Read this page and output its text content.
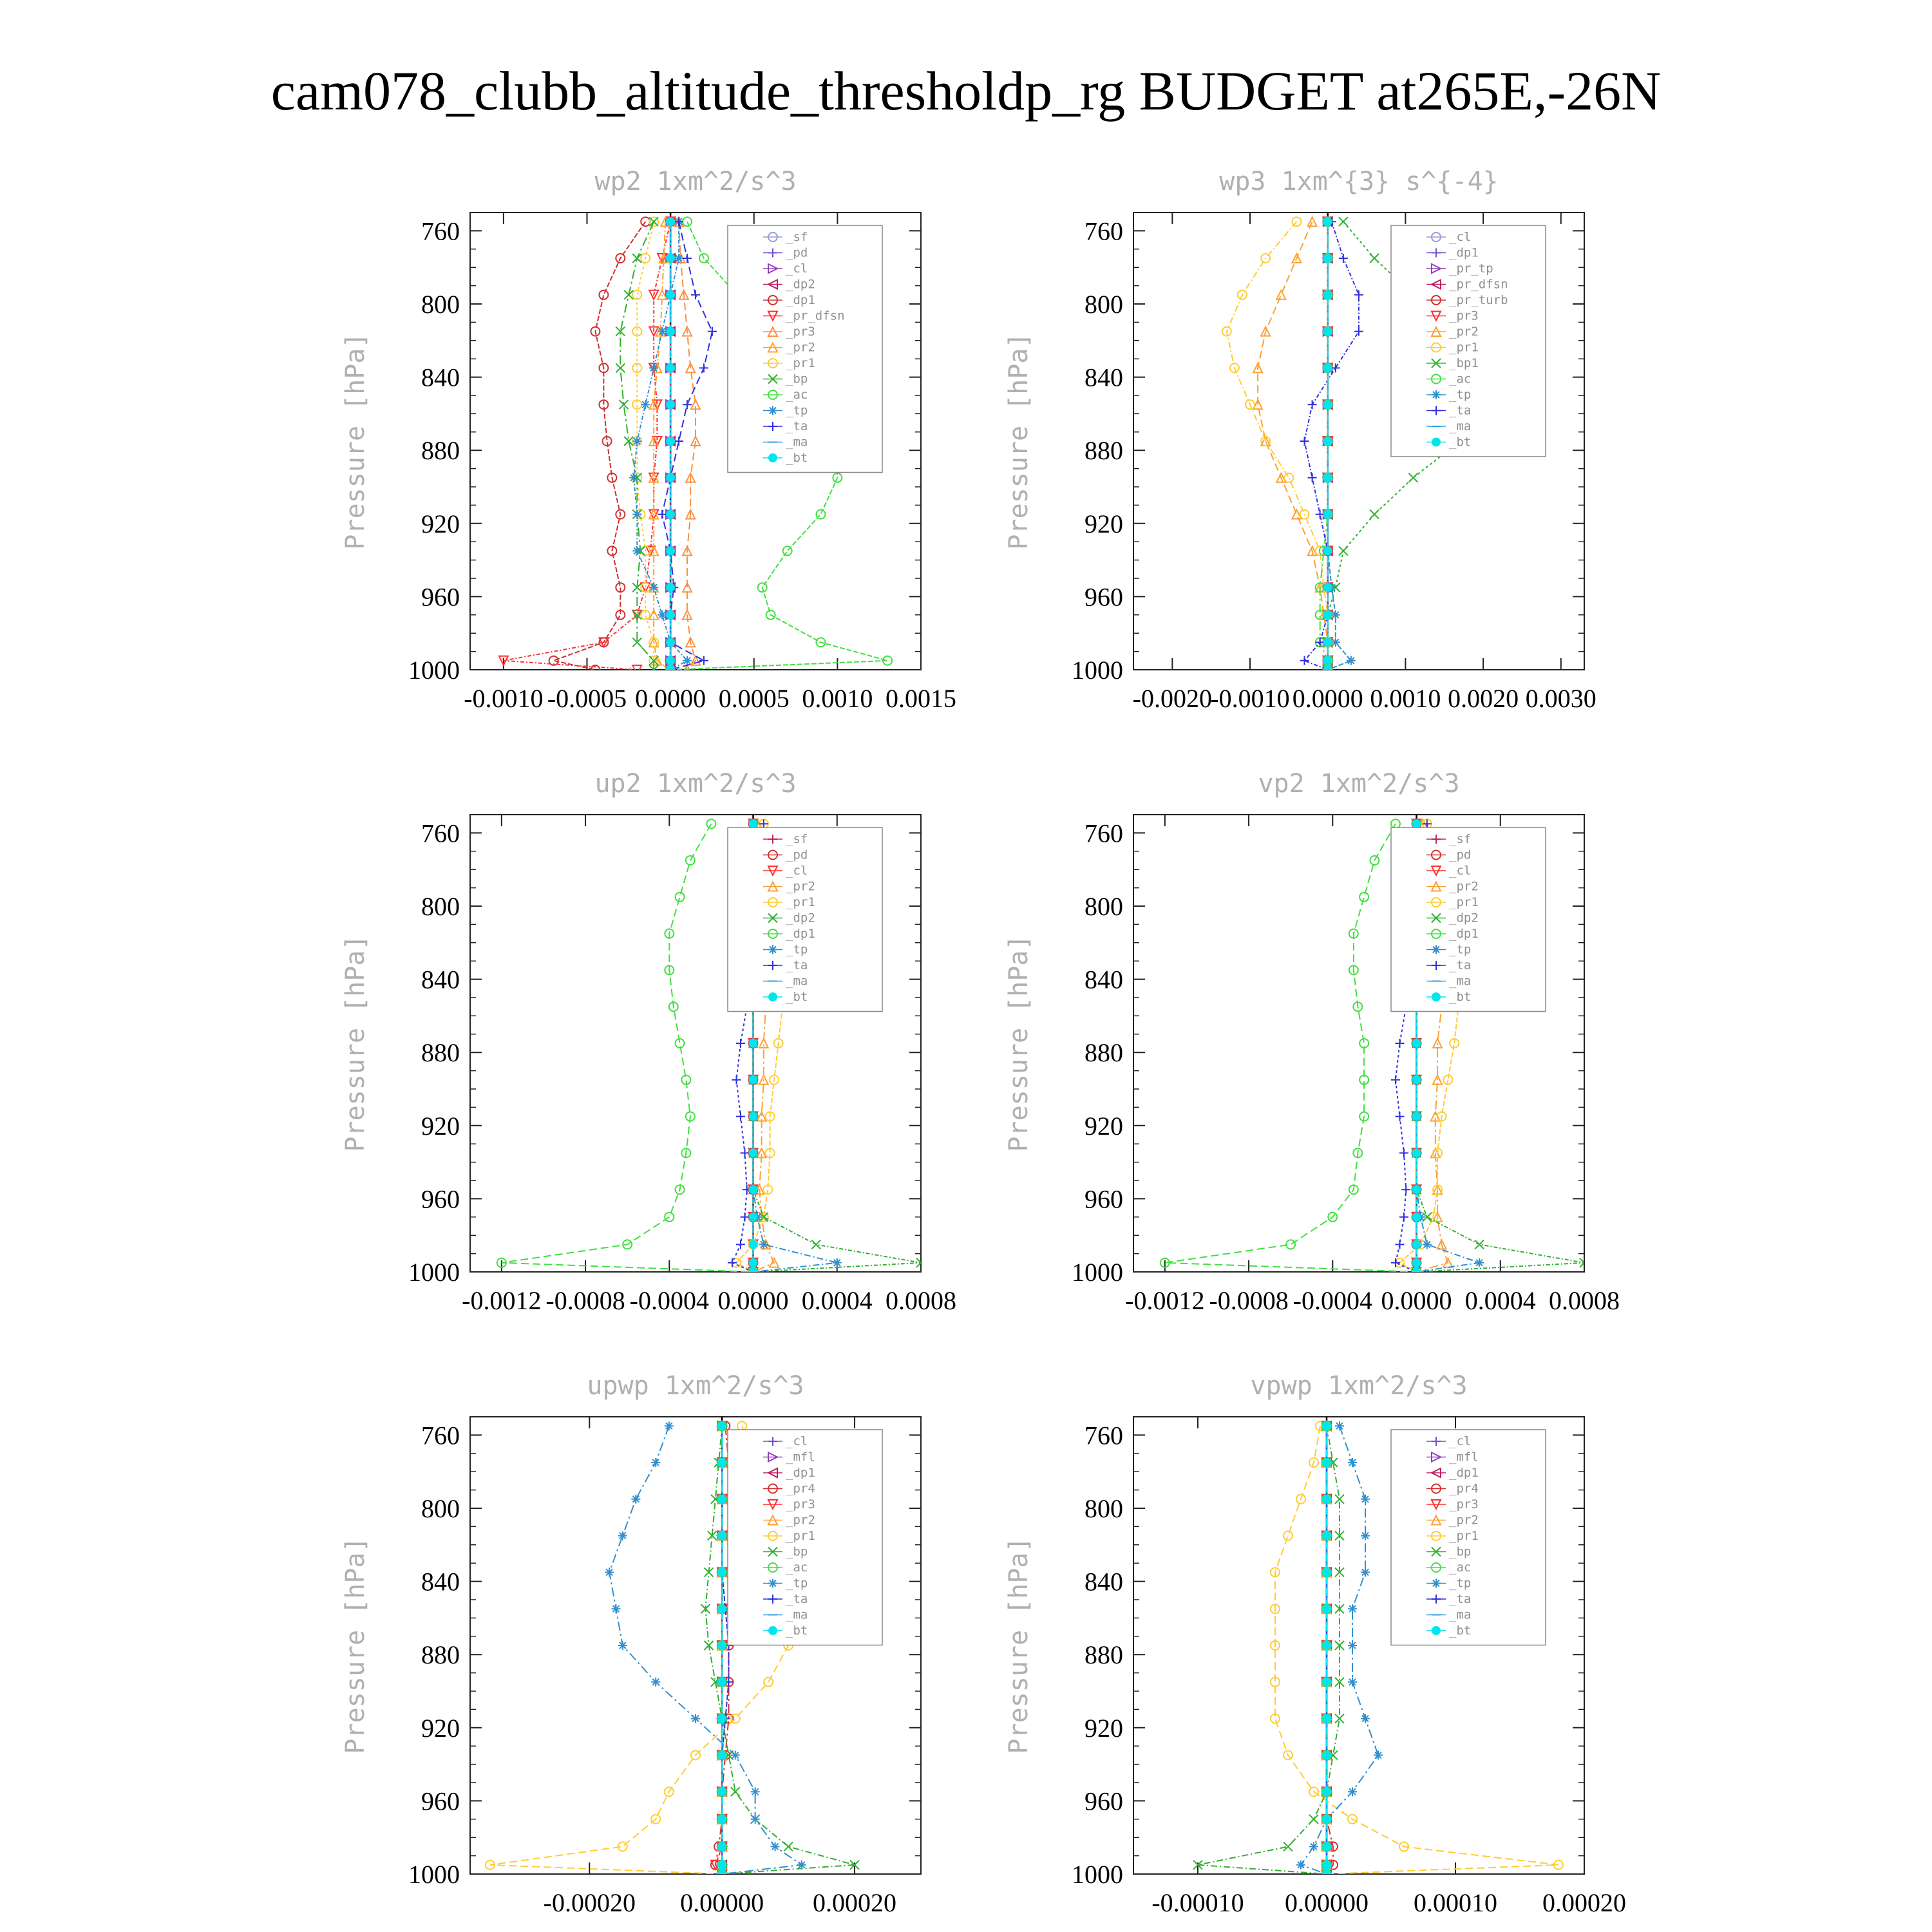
cam078_clubb_altitude_thresholdp_rg BUDGET at265E,-26N
wp2 1xm^2/s^3
Pressure [hPa]
760
800
840
880
920
960
1000
-0.0010 -0.0005 0.0000 0.0005 0.0010 0.0015
_sf
_pd
_cl
_dp2
_dp1
_pr_dfsn
_pr3
_pr2
_pr1
_bp
_ac
_tp
_ta
_ma
_bt
wp3 1xm^{3} s^{-4}
Pressure [hPa]
760
800
840
880
920
960
1000
-0.0020
-0.0010 0.0000 0.0010 0.0020 0.0030
_cl
_dp1
_pr_tp
_pr_dfsn
_pr_turb
_pr3
_pr2
_pr1
_bp1
_ac
_tp
_ta
_ma
_bt
up2 1xm^2/s^3
Pressure [hPa]
760
800
840
880
920
960
1000
-0.0012 -0.0008 -0.0004 0.0000 0.0004 0.0008
_sf
_pd
_cl
_pr2
_pr1
_dp2
_dp1
_tp
_ta
_ma
_bt
vp2 1xm^2/s^3
Pressure [hPa]
760
800
840
880
920
960
1000
-0.0012 -0.0008 -0.0004 0.0000 0.0004 0.0008
_sf
_pd
_cl
_pr2
_pr1
_dp2
_dp1
_tp
_ta
_ma
_bt
upwp 1xm^2/s^3
Pressure [hPa]
760
800
840
880
920
960
1000
-0.00020 0.00000 0.00020
_cl
_mfl
_dp1
_pr4
_pr3
_pr2
_pr1
_bp
_ac
_tp
_ta
_ma
_bt
vpwp 1xm^2/s^3
Pressure [hPa]
760
800
840
880
920
960
1000
-0.00010 0.00000 0.00010 0.00020
_cl
_mfl
_dp1
_pr4
_pr3
_pr2
_pr1
_bp
_ac
_tp
_ta
_ma
_bt
